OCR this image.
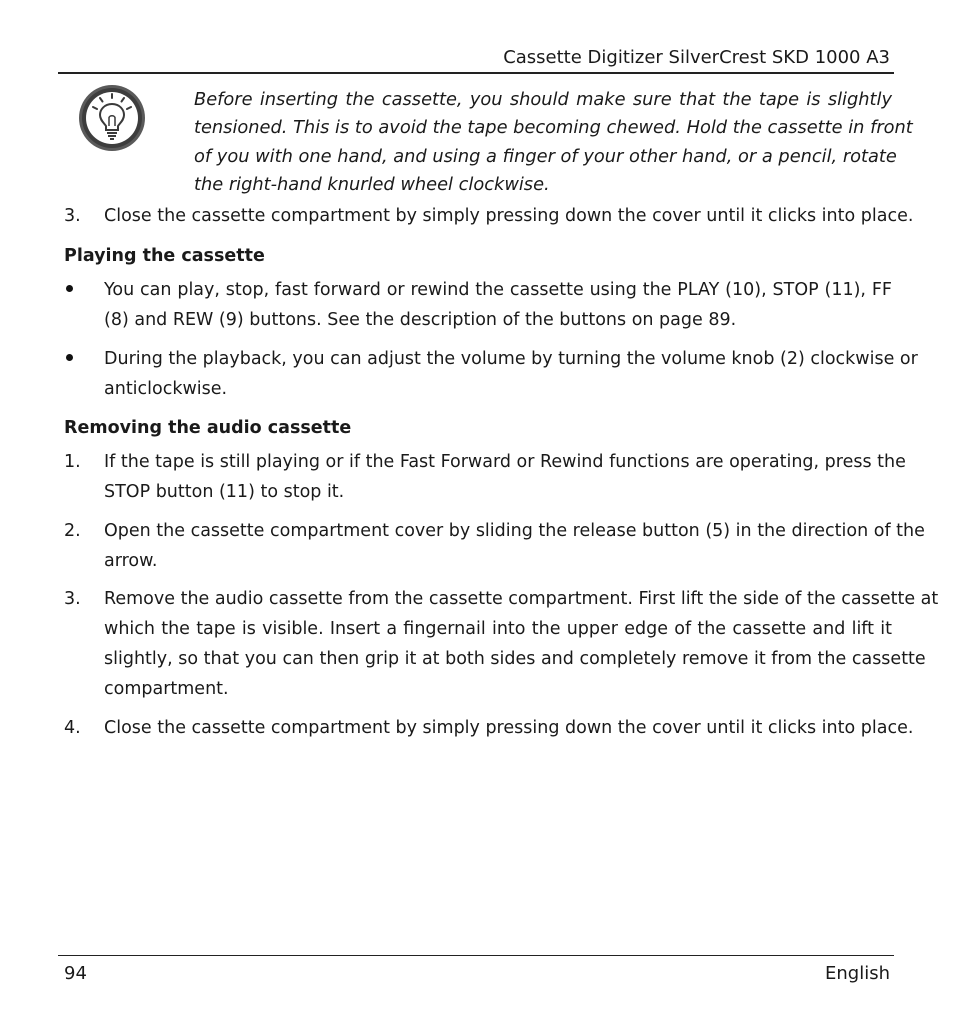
Cassette Digitizer SilverCrest SKD 1000 A3
Before inserting the cassette, you should make sure that the tape is slightly
tensioned. This is to avoid the tape becoming chewed. Hold the cassette in front
of you with one hand, and using a finger of your other hand, or a pencil, rotate
the right-hand knurled wheel clockwise.
3.	Close the cassette compartment by simply pressing down the cover until it clicks into place.
Playing the cassette
You can play, stop, fast forward or rewind the cassette using the PLAY (10), STOP (11), FF
(8) and REW (9) buttons. See the description of the buttons on page 89.
During the playback, you can adjust the volume by turning the volume knob (2) clockwise or
anticlockwise.
Removing the audio cassette
1.	If the tape is still playing or if the Fast Forward or Rewind functions are operating, press the
STOP button (11) to stop it.
2.	Open the cassette compartment cover by sliding the release button (5) in the direction of the
arrow.
3.	Remove the audio cassette from the cassette compartment. First lift the side of the cassette at
which the tape is visible. Insert a fingernail into the upper edge of the cassette and lift it
slightly, so that you can then grip it at both sides and completely remove it from the cassette
compartment.
4.	Close the cassette compartment by simply pressing down the cover until it clicks into place.
94	English
